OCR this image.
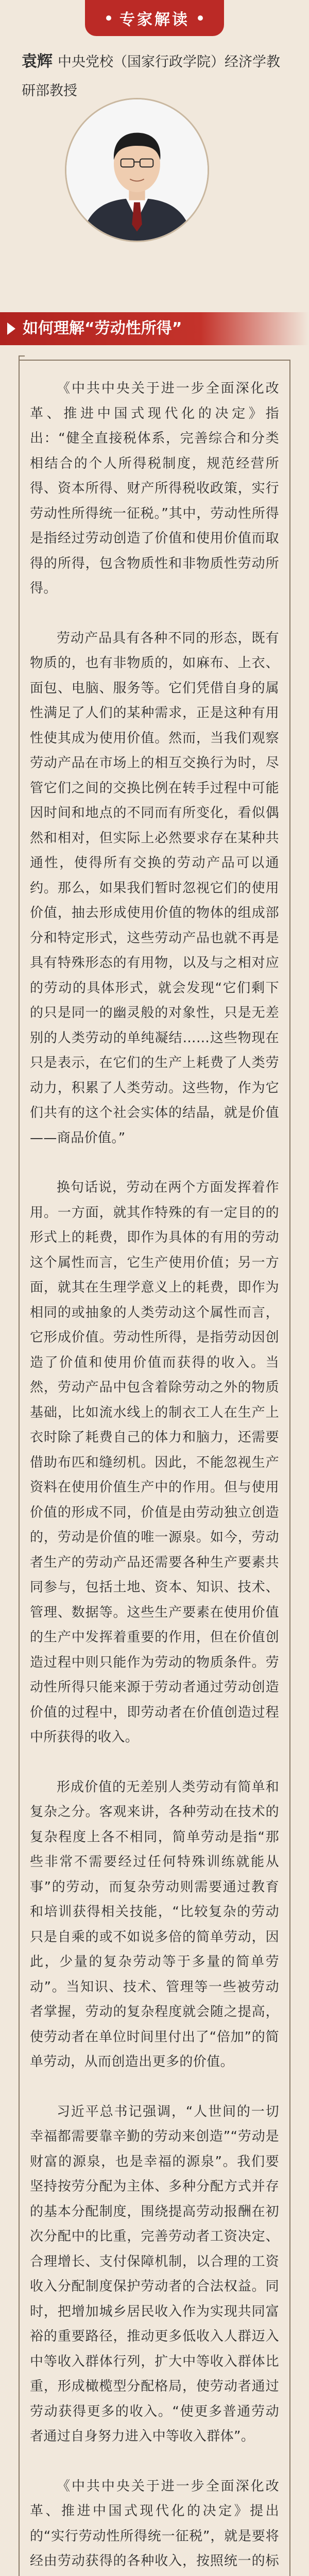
专家解读
袁辉 中央党校（国家行政学院）经济学教研部教授
如何理解“劳动性所得”

《中共中央关于进一步全面深化改革、推进中国式现代化的决定》指出：“健全直接税体系，完善综合和分类相结合的个人所得税制度，规范经营所得、资本所得、财产所得税收政策，实行劳动性所得统一征税。”其中，劳动性所得是指经过劳动创造了价值和使用价值而取得的所得，包含物质性和非物质性劳动所得。

劳动产品具有各种不同的形态，既有物质的，也有非物质的，如麻布、上衣、面包、电脑、服务等。它们凭借自身的属性满足了人们的某种需求，正是这种有用性使其成为使用价值。然而，当我们观察劳动产品在市场上的相互交换行为时，尽管它们之间的交换比例在转手过程中可能因时间和地点的不同而有所变化，看似偶然和相对，但实际上必然要求存在某种共通性，使得所有交换的劳动产品可以通约。那么，如果我们暂时忽视它们的使用价值，抽去形成使用价值的物体的组成部分和特定形式，这些劳动产品也就不再是具有特殊形态的有用物，以及与之相对应的劳动的具体形式，就会发现“它们剩下的只是同一的幽灵般的对象性，只是无差别的人类劳动的单纯凝结……这些物现在只是表示，在它们的生产上耗费了人类劳动力，积累了人类劳动。这些物，作为它们共有的这个社会实体的结晶，就是价值——商品价值。”

换句话说，劳动在两个方面发挥着作用。一方面，就其作特殊的有一定目的的形式上的耗费，即作为具体的有用的劳动这个属性而言，它生产使用价值；另一方面，就其在生理学意义上的耗费，即作为相同的或抽象的人类劳动这个属性而言，它形成价值。劳动性所得，是指劳动因创造了价值和使用价值而获得的收入。当然，劳动产品中包含着除劳动之外的物质基础，比如流水线上的制衣工人在生产上衣时除了耗费自己的体力和脑力，还需要借助布匹和缝纫机。因此，不能忽视生产资料在使用价值生产中的作用。但与使用价值的形成不同，价值是由劳动独立创造的，劳动是价值的唯一源泉。如今，劳动者生产的劳动产品还需要各种生产要素共同参与，包括土地、资本、知识、技术、管理、数据等。这些生产要素在使用价值的生产中发挥着重要的作用，但在价值创造过程中则只能作为劳动的物质条件。劳动性所得只能来源于劳动者通过劳动创造价值的过程中，即劳动者在价值创造过程中所获得的收入。

形成价值的无差别人类劳动有简单和复杂之分。客观来讲，各种劳动在技术的复杂程度上各不相同，简单劳动是指“那些非常不需要经过任何特殊训练就能从事”的劳动，而复杂劳动则需要通过教育和培训获得相关技能，“比较复杂的劳动只是自乘的或不如说多倍的简单劳动，因此，少量的复杂劳动等于多量的简单劳动”。当知识、技术、管理等一些被劳动者掌握，劳动的复杂程度就会随之提高，使劳动者在单位时间里付出了“倍加”的简单劳动，从而创造出更多的价值。

习近平总书记强调，“人世间的一切幸福都需要靠辛勤的劳动来创造”“劳动是财富的源泉，也是幸福的源泉”。我们要坚持按劳分配为主体、多种分配方式并存的基本分配制度，围绕提高劳动报酬在初次分配中的比重，完善劳动者工资决定、合理增长、支付保障机制，以合理的工资收入分配制度保护劳动者的合法权益。同时，把增加城乡居民收入作为实现共同富裕的重要路径，推动更多低收入人群迈入中等收入群体行列，扩大中等收入群体比重，形成橄榄型分配格局，使劳动者通过劳动获得更多的收入。“使更多普通劳动者通过自身努力进入中等收入群体”。

《中共中央关于进一步全面深化改革、推进中国式现代化的决定》提出的“实行劳动性所得统一征税”，就是要将经由劳动获得的各种收入，按照统一的标
